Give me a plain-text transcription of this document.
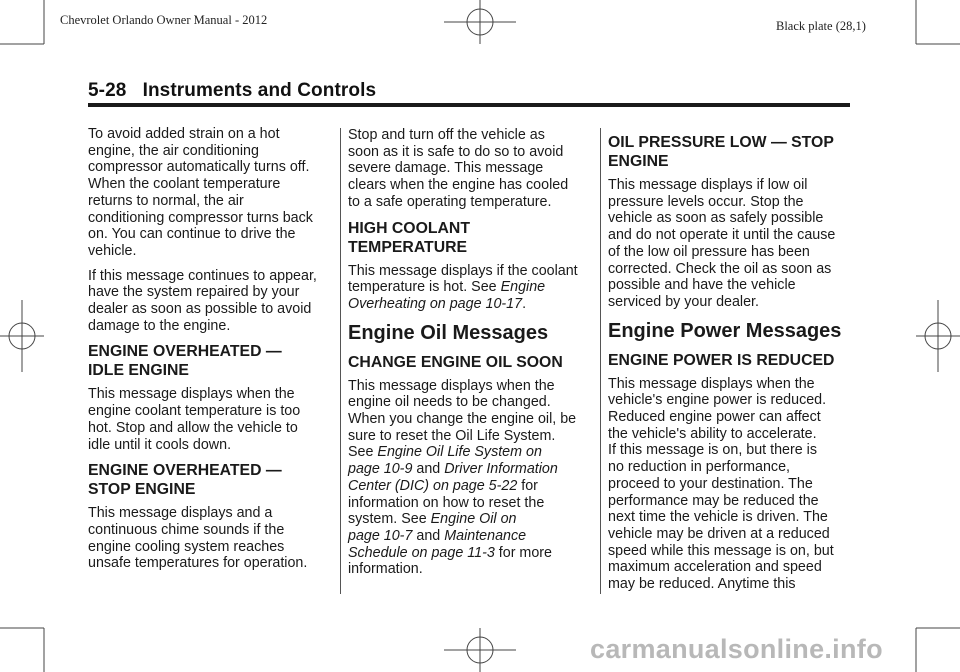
Chevrolet Orlando Owner Manual - 2012	Black plate (28,1)
5-28   Instruments and Controls

To avoid added strain on a hot
engine, the air conditioning
compressor automatically turns off.
When the coolant temperature
returns to normal, the air
conditioning compressor turns back
on. You can continue to drive the
vehicle.

If this message continues to appear,
have the system repaired by your
dealer as soon as possible to avoid
damage to the engine.

ENGINE OVERHEATED —
IDLE ENGINE

This message displays when the
engine coolant temperature is too
hot. Stop and allow the vehicle to
idle until it cools down.

ENGINE OVERHEATED —
STOP ENGINE

This message displays and a
continuous chime sounds if the
engine cooling system reaches
unsafe temperatures for operation.

Stop and turn off the vehicle as
soon as it is safe to do so to avoid
severe damage. This message
clears when the engine has cooled
to a safe operating temperature.

HIGH COOLANT
TEMPERATURE

This message displays if the coolant
temperature is hot. See Engine
Overheating on page 10‑17.

Engine Oil Messages
CHANGE ENGINE OIL SOON

This message displays when the
engine oil needs to be changed.
When you change the engine oil, be
sure to reset the Oil Life System.
See Engine Oil Life System on
page 10‑9 and Driver Information
Center (DIC) on page 5‑22 for
information on how to reset the
system. See Engine Oil on
page 10‑7 and Maintenance
Schedule on page 11‑3 for more
information.

OIL PRESSURE LOW — STOP
ENGINE

This message displays if low oil
pressure levels occur. Stop the
vehicle as soon as safely possible
and do not operate it until the cause
of the low oil pressure has been
corrected. Check the oil as soon as
possible and have the vehicle
serviced by your dealer.

Engine Power Messages
ENGINE POWER IS REDUCED

This message displays when the
vehicle's engine power is reduced.
Reduced engine power can affect
the vehicle's ability to accelerate.
If this message is on, but there is
no reduction in performance,
proceed to your destination. The
performance may be reduced the
next time the vehicle is driven. The
vehicle may be driven at a reduced
speed while this message is on, but
maximum acceleration and speed
may be reduced. Anytime this

carmanualsonline.info
